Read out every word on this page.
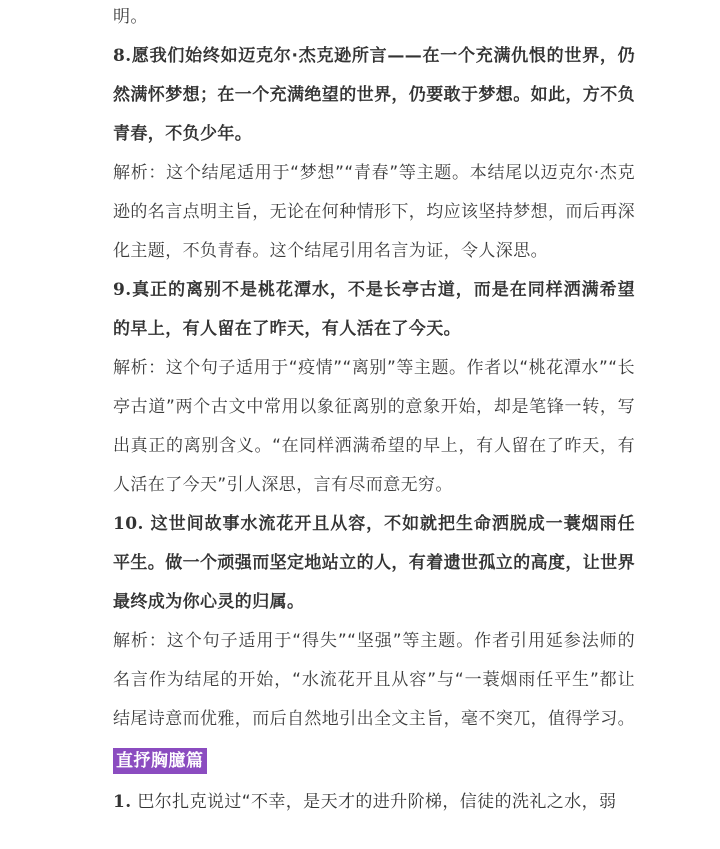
明。

8.愿我们始终如迈克尔·杰克逊所言——在一个充满仇恨的世界，仍然满怀梦想；在一个充满绝望的世界，仍要敢于梦想。如此，方不负青春，不负少年。

解析：这个结尾适用于“梦想”“青春”等主题。本结尾以迈克尔·杰克逊的名言点明主旨，无论在何种情形下，均应该坚持梦想，而后再深化主题，不负青春。这个结尾引用名言为证，令人深思。

9.真正的离别不是桃花潭水，不是长亭古道，而是在同样洒满希望的早上，有人留在了昨天，有人活在了今天。

解析：这个句子适用于“疫情”“离别”等主题。作者以“桃花潭水”“长亭古道”两个古文中常用以象征离别的意象开始，却是笔锋一转，写出真正的离别含义。“在同样洒满希望的早上，有人留在了昨天，有人活在了今天”引人深思，言有尽而意无穷。

10. 这世间故事水流花开且从容，不如就把生命洒脱成一蓑烟雨任平生。做一个顽强而坚定地站立的人，有着遗世孤立的高度，让世界最终成为你心灵的归属。

解析：这个句子适用于“得失”“坚强”等主题。作者引用延参法师的名言作为结尾的开始，“水流花开且从容”与“一蓑烟雨任平生”都让结尾诗意而优雅，而后自然地引出全文主旨，毫不突兀，值得学习。

直抒胸臆篇

1. 巴尔扎克说过“不幸，是天才的进升阶梯，信徒的洗礼之水，弱
